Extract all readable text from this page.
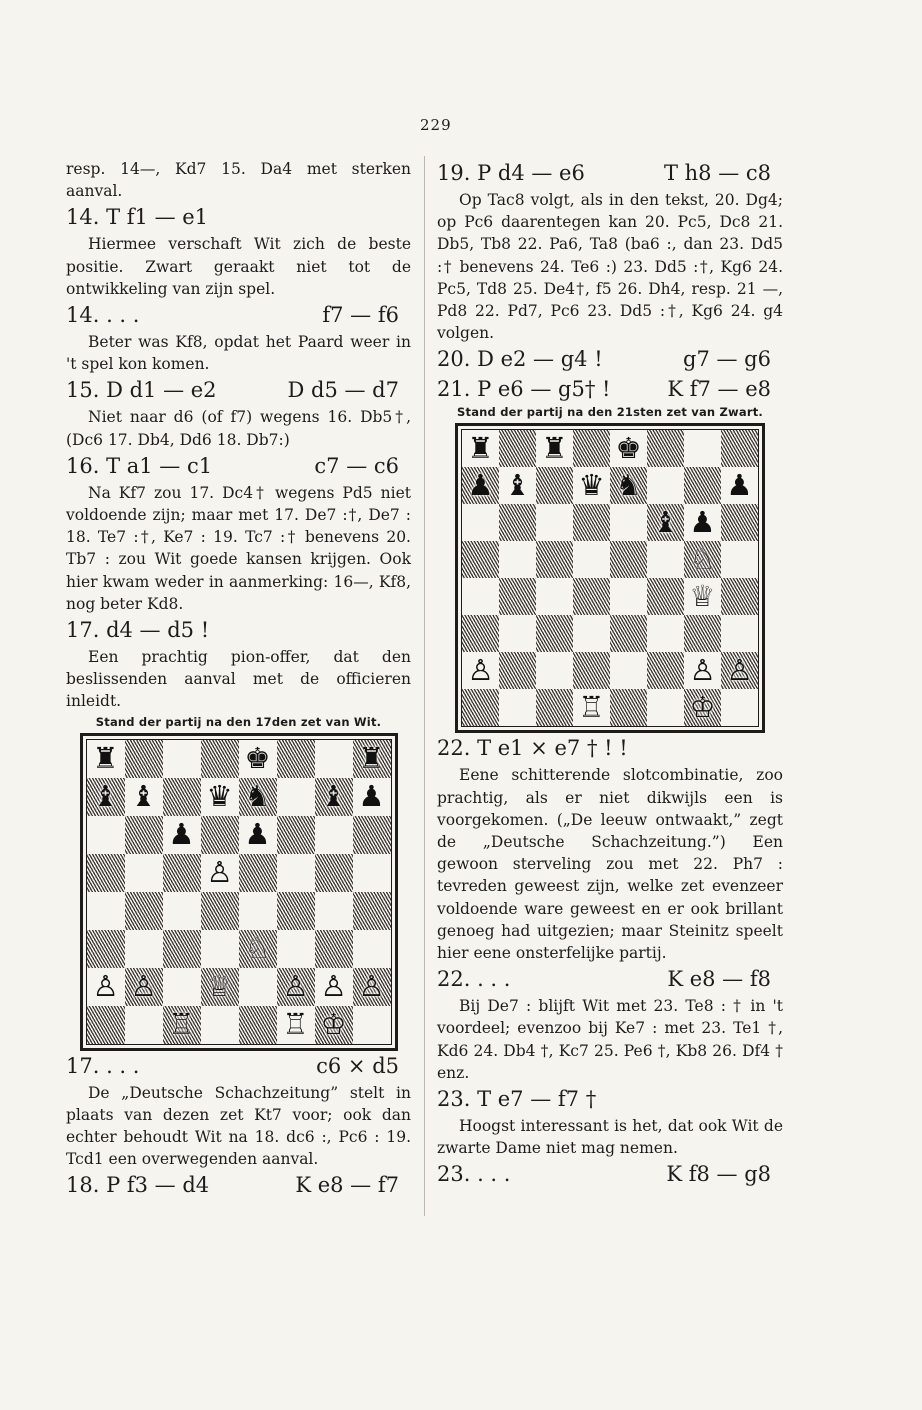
229

resp. 14—, Kd7 15. Da4 met sterken aanval.

14. T f1 — e1

Hiermee verschaft Wit zich de beste positie. Zwart geraakt niet tot de ontwikkeling van zijn spel.

14. . . .	f7 — f6

Beter was Kf8, opdat het Paard weer in 't spel kon komen.

15. D d1 — e2	D d5 — d7

Niet naar d6 (of f7) wegens 16. Db5†, (Dc6 17. Db4, Dd6 18. Db7:)

16. T a1 — c1	c7 — c6

Na Kf7 zou 17. Dc4† wegens Pd5 niet voldoende zijn; maar met 17. De7 :†, De7 : 18. Te7 :†, Ke7 : 19. Tc7 :† benevens 20. Tb7 : zou Wit goede kansen krijgen. Ook hier kwam weder in aanmerking: 16—, Kf8, nog beter Kd8.

17. d4 — d5 !

Een prachtig pion-offer, dat den beslissenden aanval met de officieren inleidt.

Stand der partij na den 17den zet van Wit.
♜	♚	♜
♝ ♝ ♛ ♞ ♝ ♟
♟ ♟
♙
♘
♙ ♙ ♕ ♙ ♙ ♙
♖	♖ ♔
17. . . .	c6 × d5

De „Deutsche Schachzeitung” stelt in plaats van dezen zet Kt7 voor; ook dan echter behoudt Wit na 18. dc6 :, Pc6 : 19. Tcd1 een overwegenden aanval.

18. P f3 — d4	K e8 — f7
19. P d4 — e6	T h8 — c8

Op Tac8 volgt, als in den tekst, 20. Dg4; op Pc6 daarentegen kan 20. Pc5, Dc8 21. Db5, Tb8 22. Pa6, Ta8 (ba6 :, dan 23. Dd5 :† benevens 24. Te6 :) 23. Dd5 :†, Kg6 24. Pc5, Td8 25. De4†, f5 26. Dh4, resp. 21 —, Pd8 22. Pd7, Pc6 23. Dd5 :†, Kg6 24. g4 volgen.

20. D e2 — g4 !	g7 — g6
21. P e6 — g5† !	K f7 — e8
Stand der partij na den 21sten zet van Zwart.
♜ ♜ ♚
♟ ♝ ♛ ♞	♟
♝ ♟
♘
♕
♙	♙ ♙
♖	♔
22. T e1 × e7 † ! !

Eene schitterende slotcombinatie, zoo prachtig, als er niet dikwijls een is voorgekomen. („De leeuw ontwaakt,” zegt de „Deutsche Schachzeitung.”) Een gewoon sterveling zou met 22. Ph7 : tevreden geweest zijn, welke zet evenzeer voldoende ware geweest en er ook brillant genoeg had uitgezien; maar Steinitz speelt hier eene onsterfelijke partij.

22. . . .	K e8 — f8

Bij De7 : blijft Wit met 23. Te8 : † in 't voordeel; evenzoo bij Ke7 : met 23. Te1 †, Kd6 24. Db4 †, Kc7 25. Pe6 †, Kb8 26. Df4 † enz.

23. T e7 — f7 †

Hoogst interessant is het, dat ook Wit de zwarte Dame niet mag nemen.

23. . . .	K f8 — g8
